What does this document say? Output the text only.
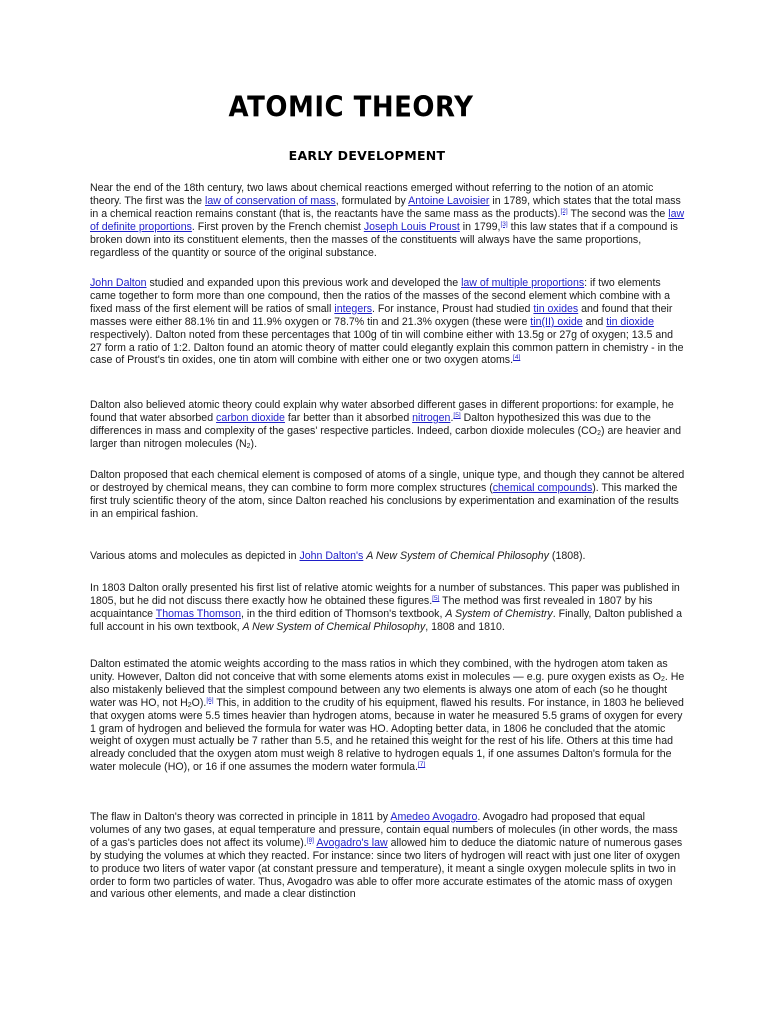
ATOMIC THEORY
EARLY DEVELOPMENT

Near the end of the 18th century, two laws about chemical reactions emerged without referring to the notion of an atomic theory. The first was the law of conservation of mass, formulated by Antoine Lavoisier in 1789, which states that the total mass in a chemical reaction remains constant (that is, the reactants have the same mass as the products).[2] The second was the law of definite proportions. First proven by the French chemist Joseph Louis Proust in 1799,[3] this law states that if a compound is broken down into its constituent elements, then the masses of the constituents will always have the same proportions, regardless of the quantity or source of the original substance.

John Dalton studied and expanded upon this previous work and developed the law of multiple proportions: if two elements came together to form more than one compound, then the ratios of the masses of the second element which combine with a fixed mass of the first element will be ratios of small integers. For instance, Proust had studied tin oxides and found that their masses were either 88.1% tin and 11.9% oxygen or 78.7% tin and 21.3% oxygen (these were tin(II) oxide and tin dioxide respectively). Dalton noted from these percentages that 100g of tin will combine either with 13.5g or 27g of oxygen; 13.5 and 27 form a ratio of 1:2. Dalton found an atomic theory of matter could elegantly explain this common pattern in chemistry - in the case of Proust's tin oxides, one tin atom will combine with either one or two oxygen atoms.[4]

Dalton also believed atomic theory could explain why water absorbed different gases in different proportions: for example, he found that water absorbed carbon dioxide far better than it absorbed nitrogen.[5] Dalton hypothesized this was due to the differences in mass and complexity of the gases' respective particles. Indeed, carbon dioxide molecules $(CO_2)$ are heavier and larger than nitrogen molecules $(N_2)$.

Dalton proposed that each chemical element is composed of atoms of a single, unique type, and though they cannot be altered or destroyed by chemical means, they can combine to form more complex structures (chemical compounds). This marked the first truly scientific theory of the atom, since Dalton reached his conclusions by experimentation and examination of the results in an empirical fashion.

Various atoms and molecules as depicted in John Dalton's A New System of Chemical Philosophy (1808).

In 1803 Dalton orally presented his first list of relative atomic weights for a number of substances. This paper was published in 1805, but he did not discuss there exactly how he obtained these figures.[5] The method was first revealed in 1807 by his acquaintance Thomas Thomson, in the third edition of Thomson's textbook, A System of Chemistry. Finally, Dalton published a full account in his own textbook, A New System of Chemical Philosophy, 1808 and 1810.

Dalton estimated the atomic weights according to the mass ratios in which they combined, with the hydrogen atom taken as unity. However, Dalton did not conceive that with some elements atoms exist in molecules — e.g. pure oxygen exists as $O_2$. He also mistakenly believed that the simplest compound between any two elements is always one atom of each (so he thought water was HO, not $H_2O).[6]$ This, in addition to the crudity of his equipment, flawed his results. For instance, in 1803 he believed that oxygen atoms were 5.5 times heavier than hydrogen atoms, because in water he measured 5.5 grams of oxygen for every 1 gram of hydrogen and believed the formula for water was HO. Adopting better data, in 1806 he concluded that the atomic weight of oxygen must actually be 7 rather than 5.5, and he retained this weight for the rest of his life. Others at this time had already concluded that the oxygen atom must weigh 8 relative to hydrogen equals 1, if one assumes Dalton's formula for the water molecule (HO), or 16 if one assumes the modern water formula.[7]

The flaw in Dalton's theory was corrected in principle in 1811 by Amedeo Avogadro. Avogadro had proposed that equal volumes of any two gases, at equal temperature and pressure, contain equal numbers of molecules (in other words, the mass of a gas's particles does not affect its volume).[8] Avogadro's law allowed him to deduce the diatomic nature of numerous gases by studying the volumes at which they reacted. For instance: since two liters of hydrogen will react with just one liter of oxygen to produce two liters of water vapor (at constant pressure and temperature), it meant a single oxygen molecule splits in two in order to form two particles of water. Thus, Avogadro was able to offer more accurate estimates of the atomic mass of oxygen and various other elements, and made a clear distinction
